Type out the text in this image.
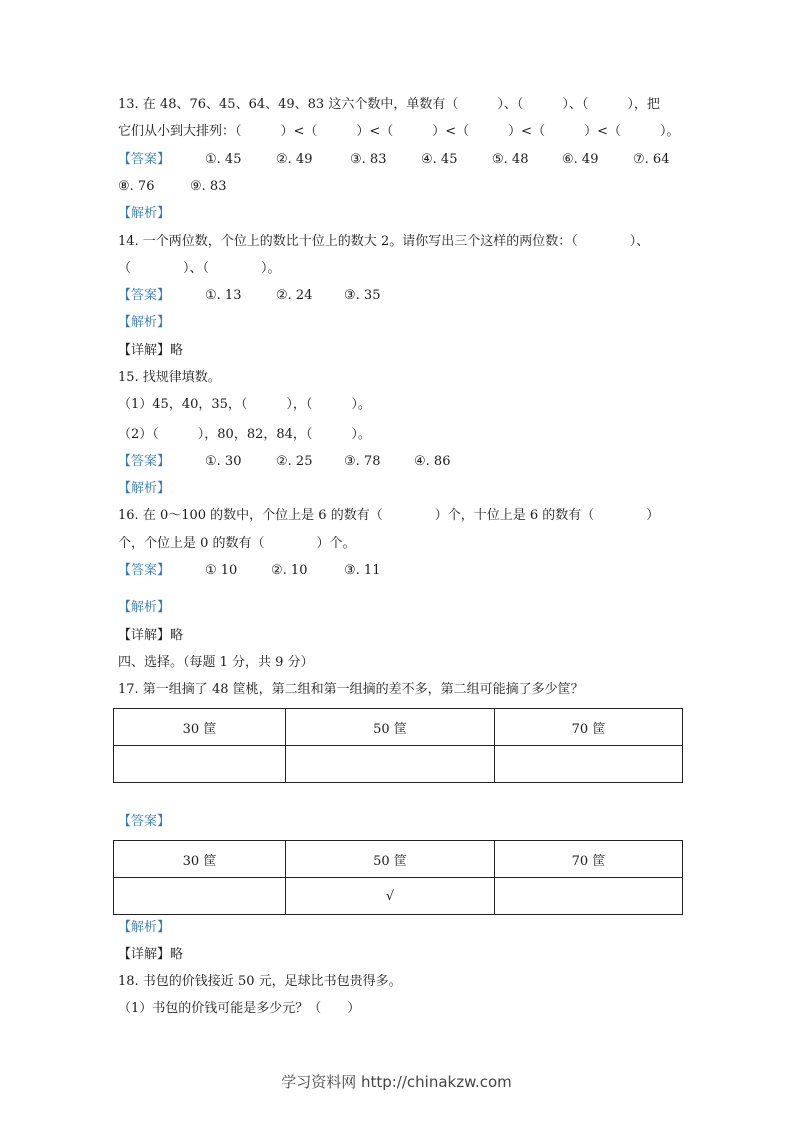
13. 在 48、76、45、64、49、83 这六个数中，单数有（　　　）、（　　　）、（　　　），把
它们从小到大排列：（　　　）<（　　　）<（　　　）<（　　　）<（　　　）<（　　　）。
【答案】	①. 45	②. 49	③. 83	④. 45	⑤. 48	⑥. 49	⑦. 64
⑧. 76	⑨. 83
【解析】
14. 一个两位数，个位上的数比十位上的数大 2。请你写出三个这样的两位数：（　　　　）、
（　　　　）、（　　　　）。
【答案】	①. 13	②. 24 ③. 35
【解析】
【详解】略
15. 找规律填数。
（1）45，40，35，（　　　），（　　　）。
（2）（　　　），80，82，84，（　　　）。
【答案】	①. 30	②. 25 ③. 78	④. 86
【解析】
16. 在 0～100 的数中，个位上是 6 的数有（　　　　）个，十位上是 6 的数有（　　　　）
个，个位上是 0 的数有（　　　　）个。
【答案】	① 10	②. 10	③. 11
【解析】
【详解】略
四、选择。（每题 1 分，共 9 分）
17. 第一组摘了 48 筐桃，第二组和第一组摘的差不多，第二组可能摘了多少筐？
30 筐	50 筐	70 筐

【答案】
30 筐	50 筐	70 筐
	√	
【解析】
【详解】略
18. 书包的价钱接近 50 元，足球比书包贵得多。
（1）书包的价钱可能是多少元？（　　）
学习资料网 http://chinakzw.com
